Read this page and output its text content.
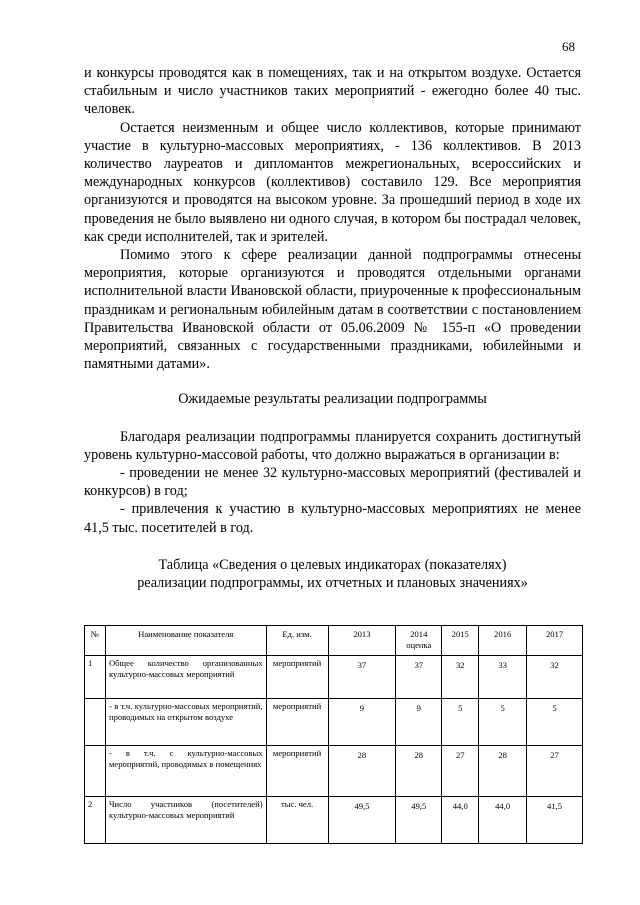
68

и конкурсы проводятся как в помещениях, так и на открытом воздухе. Остается стабильным и число участников таких мероприятий - ежегодно более 40 тыс. человек.

Остается неизменным и общее число коллективов, которые принимают участие в культурно-массовых мероприятиях, - 136 коллективов. В 2013 количество лауреатов и дипломантов межрегиональных, всероссийских и международных конкурсов (коллективов) составило 129. Все мероприятия организуются и проводятся на высоком уровне. За прошедший период в ходе их проведения не было выявлено ни одного случая, в котором бы пострадал человек, как среди исполнителей, так и зрителей.

Помимо этого к сфере реализации данной подпрограммы отнесены мероприятия, которые организуются и проводятся отдельными органами исполнительной власти Ивановской области, приуроченные к профессиональным праздникам и региональным юбилейным датам в соответствии с постановлением Правительства Ивановской области от 05.06.2009 № 155-п «О проведении мероприятий, связанных с государственными праздниками, юбилейными и памятными датами».

Ожидаемые результаты реализации подпрограммы

Благодаря реализации подпрограммы планируется сохранить достигнутый уровень культурно-массовой работы, что должно выражаться в организации в:

- проведении не менее 32 культурно-массовых мероприятий (фестивалей и конкурсов) в год;

- привлечения к участию в культурно-массовых мероприятиях не менее 41,5 тыс. посетителей в год.

Таблица «Сведения о целевых индикаторах (показателях)
реализации подпрограммы, их отчетных и плановых значениях»

№	Наименование показателя	Ед. изм.	2013	2014 оценка	2015	2016	2017
1	Общее количество организованных культурно-массовых мероприятий	мероприятий	37	37	32	33	32

	- в т.ч. культурно-массовых мероприятий, проводимых на открытом воздухе	мероприятий	9	9	5	5	5

	- в т.ч. с культурно-массовых мероприятий, проводимых в помещениях	мероприятий	28	28	27	28	27
2	Число участников (посетителей) культурно-массовых мероприятий	тыс. чел.	49,5	49,5	44,0	44,0	41,5
